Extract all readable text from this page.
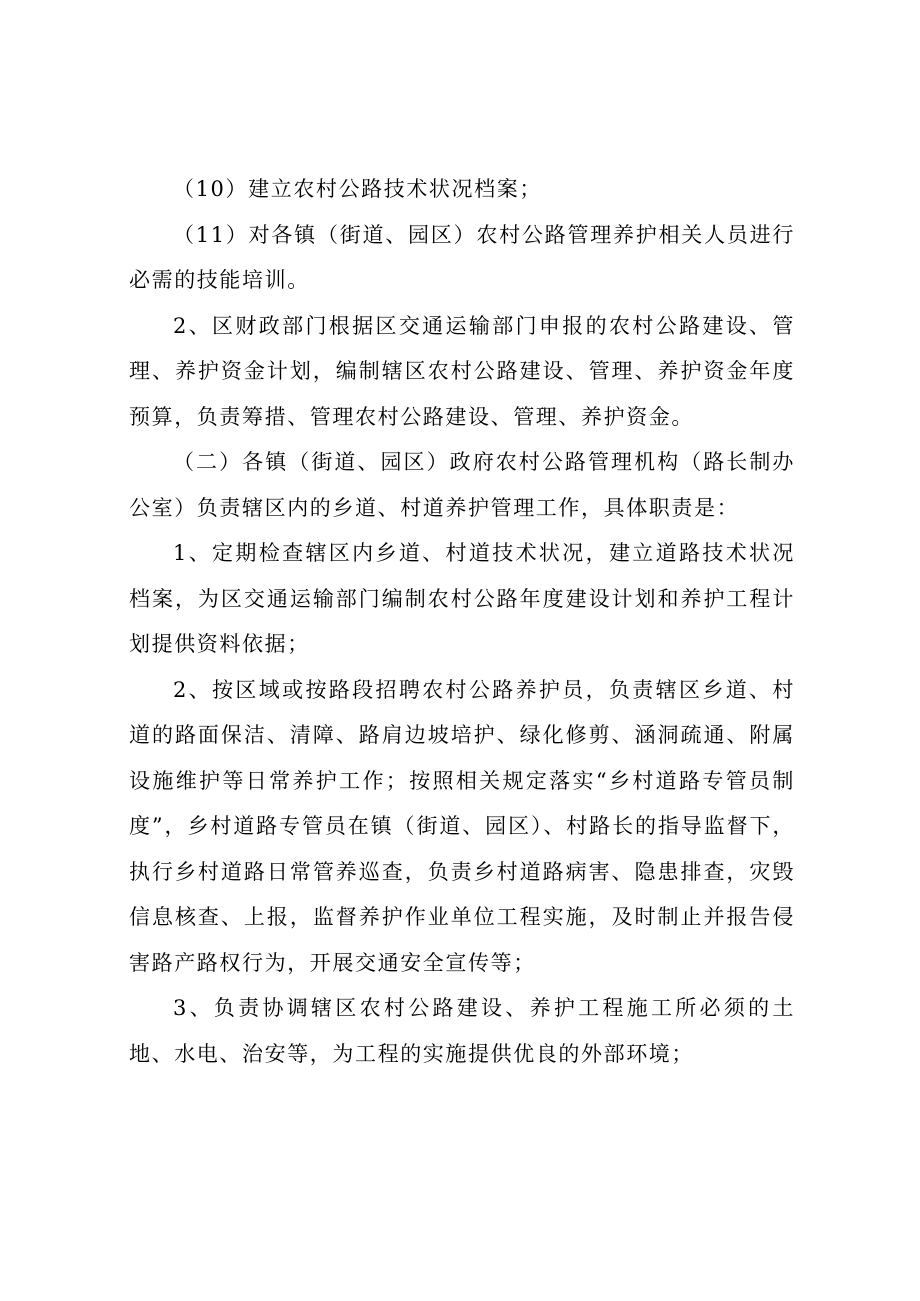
（10）建立农村公路技术状况档案；

（11）对各镇（街道、园区）农村公路管理养护相关人员进行必需的技能培训。

2、区财政部门根据区交通运输部门申报的农村公路建设、管理、养护资金计划，编制辖区农村公路建设、管理、养护资金年度预算，负责筹措、管理农村公路建设、管理、养护资金。

（二）各镇（街道、园区）政府农村公路管理机构（路长制办公室）负责辖区内的乡道、村道养护管理工作，具体职责是：

1、定期检查辖区内乡道、村道技术状况，建立道路技术状况档案，为区交通运输部门编制农村公路年度建设计划和养护工程计划提供资料依据；

2、按区域或按路段招聘农村公路养护员，负责辖区乡道、村道的路面保洁、清障、路肩边坡培护、绿化修剪、涵洞疏通、附属设施维护等日常养护工作；按照相关规定落实“乡村道路专管员制度”，乡村道路专管员在镇（街道、园区）、村路长的指导监督下，执行乡村道路日常管养巡查，负责乡村道路病害、隐患排查，灾毁信息核查、上报，监督养护作业单位工程实施，及时制止并报告侵害路产路权行为，开展交通安全宣传等；

3、负责协调辖区农村公路建设、养护工程施工所必须的土地、水电、治安等，为工程的实施提供优良的外部环境；
